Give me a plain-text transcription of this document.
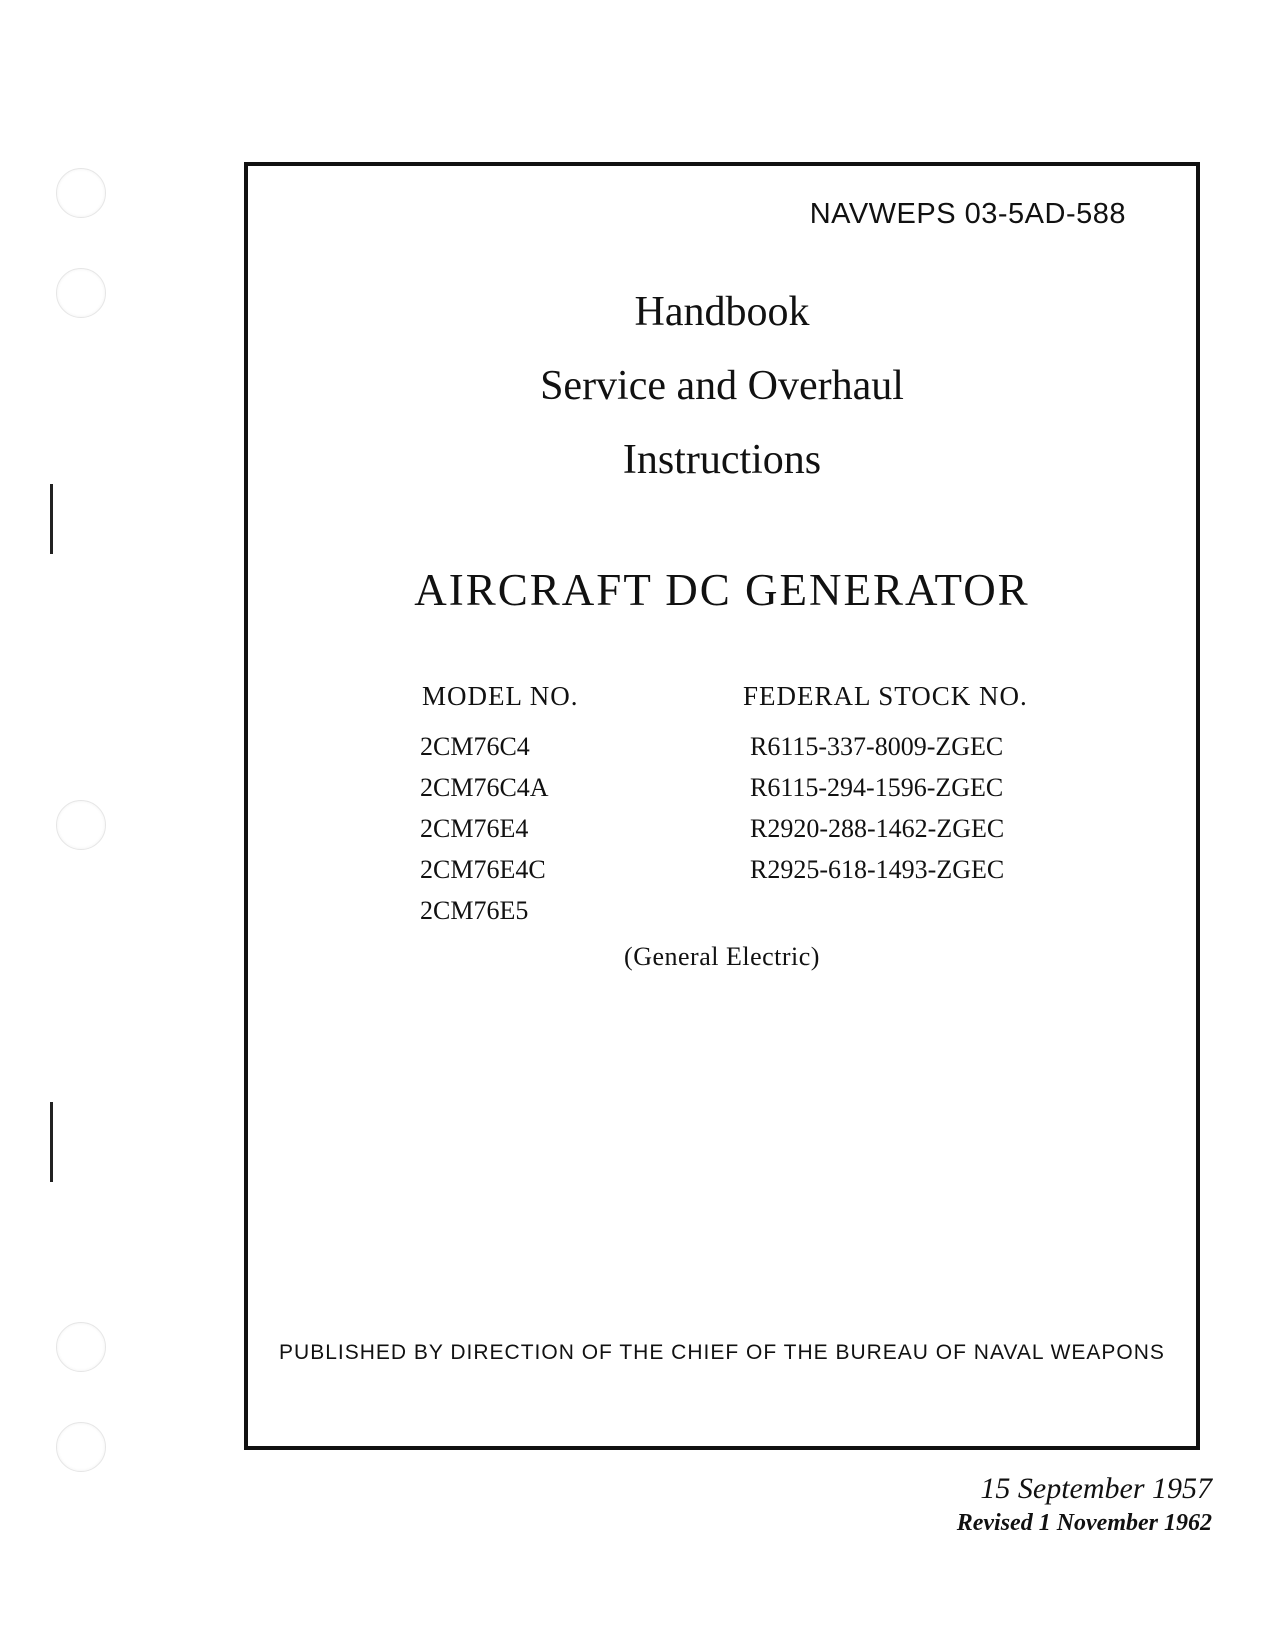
NAVWEPS 03-5AD-588
Handbook
Service and Overhaul
Instructions
AIRCRAFT DC GENERATOR
MODEL NO.	FEDERAL STOCK NO.
2CM76C4
2CM76C4A
2CM76E4
2CM76E4C
2CM76E5
R6115-337-8009-ZGEC
R6115-294-1596-ZGEC
R2920-288-1462-ZGEC
R2925-618-1493-ZGEC
(General Electric)
PUBLISHED BY DIRECTION OF THE CHIEF OF THE BUREAU OF NAVAL WEAPONS
15 September 1957
Revised 1 November 1962
